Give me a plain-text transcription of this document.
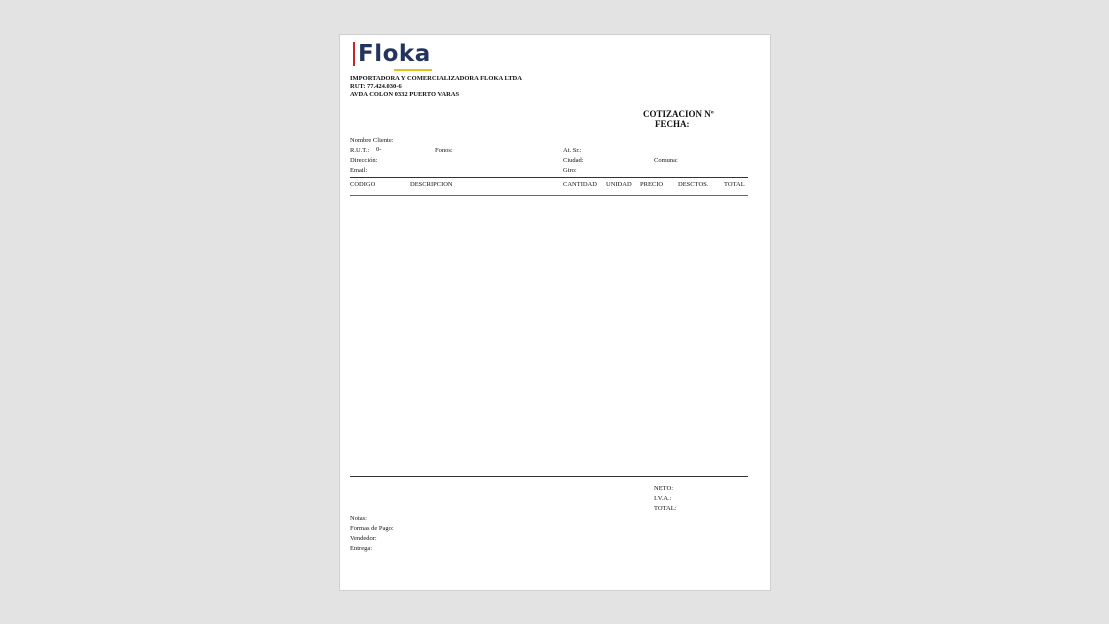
Floka
IMPORTADORA Y COMERCIALIZADORA FLOKA LTDA
RUT: 77.424.030-6
AVDA COLON 0332 PUERTO VARAS
COTIZACION Nº
FECHA:
Nombre Cliente:
R.U.T.: 0-	Fonos:	At. Sr.:
Dirección:	Ciudad:	Comuna:
Email:	Giro:
CODIGO	DESCRIPCION	CANTIDAD UNIDAD PRECIO DESCTOS. TOTAL
NETO:
I.V.A.:
TOTAL:
Notas:
Formas de Pago:
Vendedor:
Entrega:
